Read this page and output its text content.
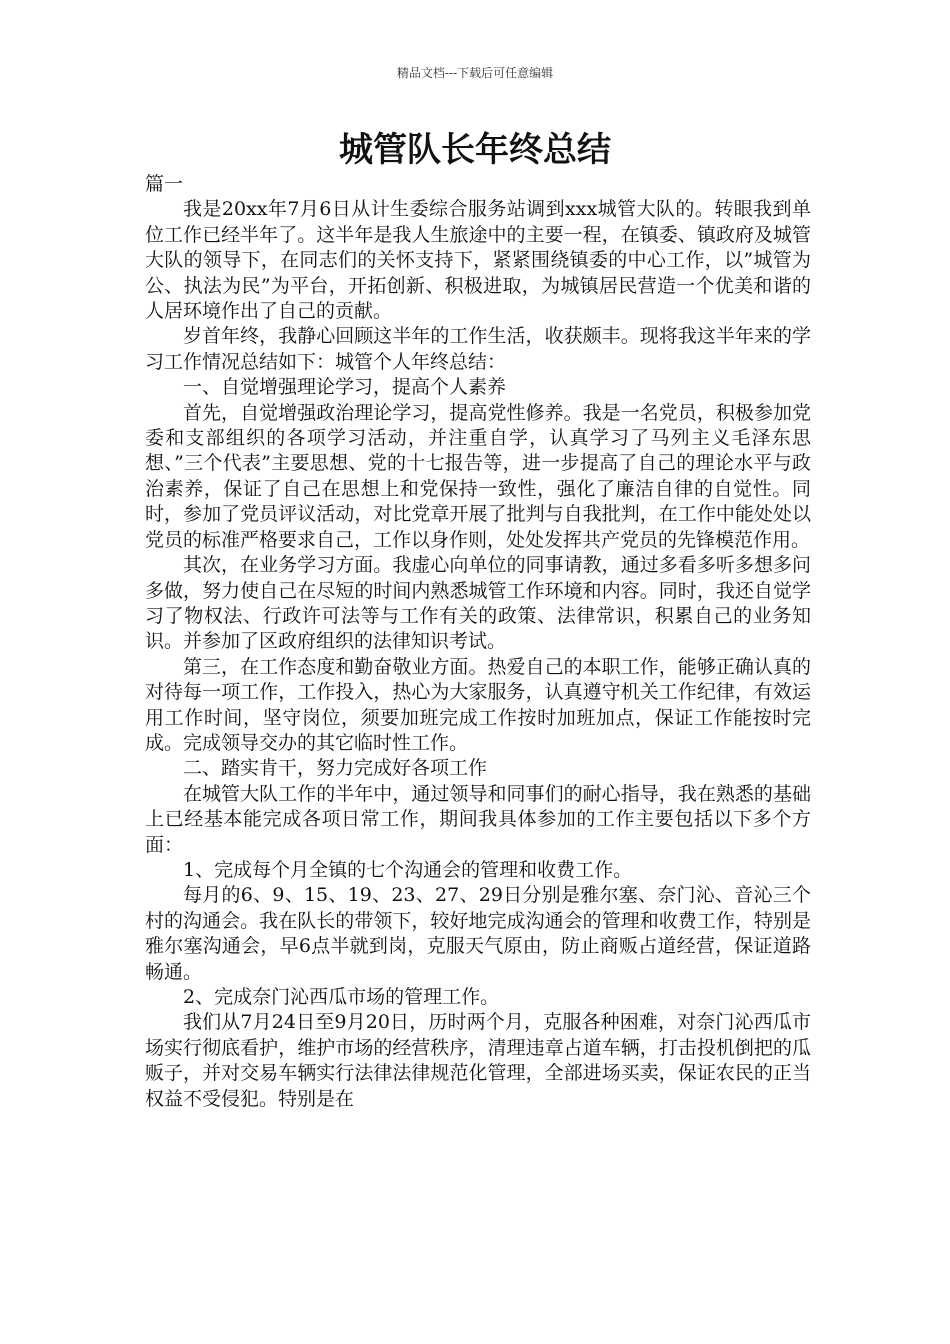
精品文档---下载后可任意编辑
城管队长年终总结

篇一

我是20xx年7月6日从计生委综合服务站调到xxx城管大队的。转眼我到单位工作已经半年了。这半年是我人生旅途中的主要一程，在镇委、镇政府及城管大队的领导下，在同志们的关怀支持下，紧紧围绕镇委的中心工作，以”城管为公、执法为民”为平台，开拓创新、积极进取，为城镇居民营造一个优美和谐的人居环境作出了自己的贡献。

岁首年终，我静心回顾这半年的工作生活，收获颇丰。现将我这半年来的学习工作情况总结如下：城管个人年终总结：

一、自觉增强理论学习，提高个人素养

首先，自觉增强政治理论学习，提高党性修养。我是一名党员，积极参加党委和支部组织的各项学习活动，并注重自学，认真学习了马列主义毛泽东思想、”三个代表”主要思想、党的十七报告等，进一步提高了自己的理论水平与政治素养，保证了自己在思想上和党保持一致性，强化了廉洁自律的自觉性。同时，参加了党员评议活动，对比党章开展了批判与自我批判，在工作中能处处以党员的标准严格要求自己，工作以身作则，处处发挥共产党员的先锋模范作用。

其次，在业务学习方面。我虚心向单位的同事请教，通过多看多听多想多问多做，努力使自己在尽短的时间内熟悉城管工作环境和内容。同时，我还自觉学习了物权法、行政许可法等与工作有关的政策、法律常识，积累自己的业务知识。并参加了区政府组织的法律知识考试。

第三，在工作态度和勤奋敬业方面。热爱自己的本职工作，能够正确认真的对待每一项工作，工作投入，热心为大家服务，认真遵守机关工作纪律，有效运用工作时间，坚守岗位，须要加班完成工作按时加班加点，保证工作能按时完成。完成领导交办的其它临时性工作。

二、踏实肯干，努力完成好各项工作

在城管大队工作的半年中，通过领导和同事们的耐心指导，我在熟悉的基础上已经基本能完成各项日常工作，期间我具体参加的工作主要包括以下多个方面：

1、完成每个月全镇的七个沟通会的管理和收费工作。

每月的6、9、15、19、23、27、29日分别是雅尔塞、奈门沁、音沁三个村的沟通会。我在队长的带领下，较好地完成沟通会的管理和收费工作，特别是雅尔塞沟通会，早6点半就到岗，克服天气原由，防止商贩占道经营，保证道路畅通。

2、完成奈门沁西瓜市场的管理工作。

我们从7月24日至9月20日，历时两个月，克服各种困难，对奈门沁西瓜市场实行彻底看护，维护市场的经营秩序，清理违章占道车辆，打击投机倒把的瓜贩子，并对交易车辆实行法律法律规范化管理，全部进场买卖，保证农民的正当权益不受侵犯。特别是在
